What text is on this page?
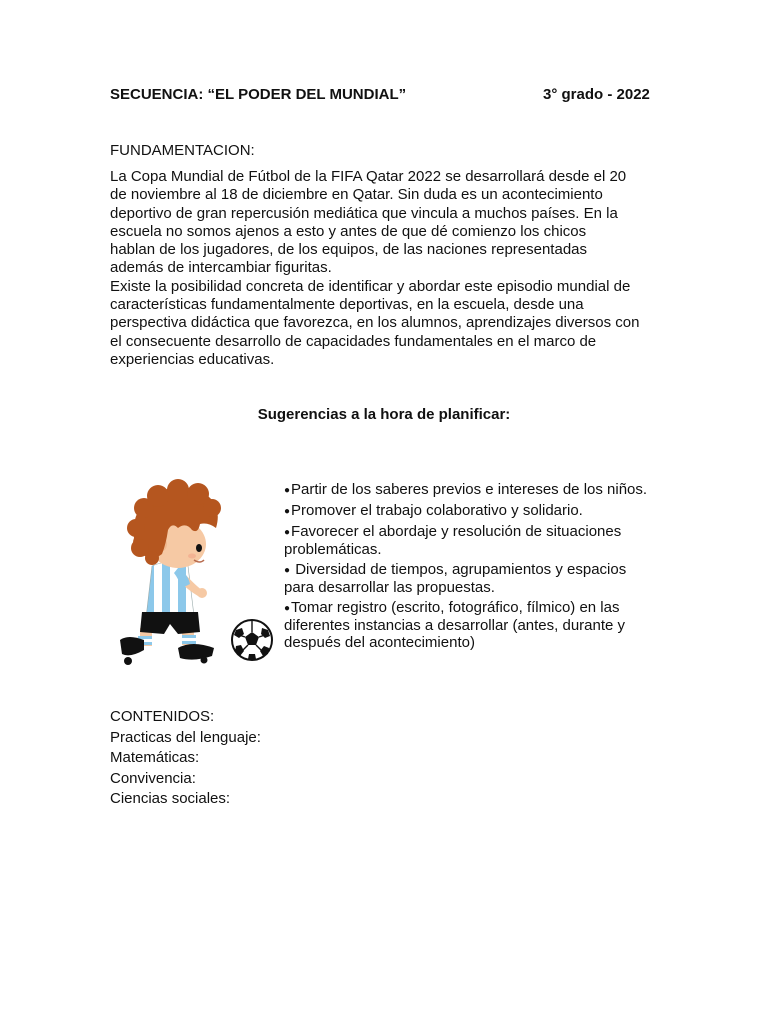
SECUENCIA: “EL PODER DEL MUNDIAL”	3° grado - 2022
FUNDAMENTACION:

La Copa Mundial de Fútbol de la FIFA Qatar 2022 se desarrollará desde el 20

de noviembre al 18 de diciembre en Qatar. Sin duda es un acontecimiento

deportivo de gran repercusión mediática que vincula a muchos países. En la

escuela no somos ajenos a esto y antes de que dé comienzo los chicos

hablan de los jugadores, de los equipos, de las naciones representadas

además de intercambiar figuritas.

Existe la posibilidad concreta de identificar y abordar este episodio mundial de

características fundamentalmente deportivas, en la escuela, desde una

perspectiva didáctica que favorezca, en los alumnos, aprendizajes diversos con

el consecuente desarrollo de capacidades fundamentales en el marco de

experiencias educativas.

Sugerencias a la hora de planificar:
●Partir de los saberes previos e intereses de los niños.
●Promover el trabajo colaborativo y solidario.
●Favorecer el abordaje y resolución de situaciones problemáticas.
● Diversidad de tiempos, agrupamientos y espacios para desarrollar las propuestas.
●Tomar registro (escrito, fotográfico, fílmico) en las diferentes instancias a desarrollar (antes, durante y después del acontecimiento)
CONTENIDOS:
Practicas del lenguaje:
Matemáticas:
Convivencia:
Ciencias sociales:
